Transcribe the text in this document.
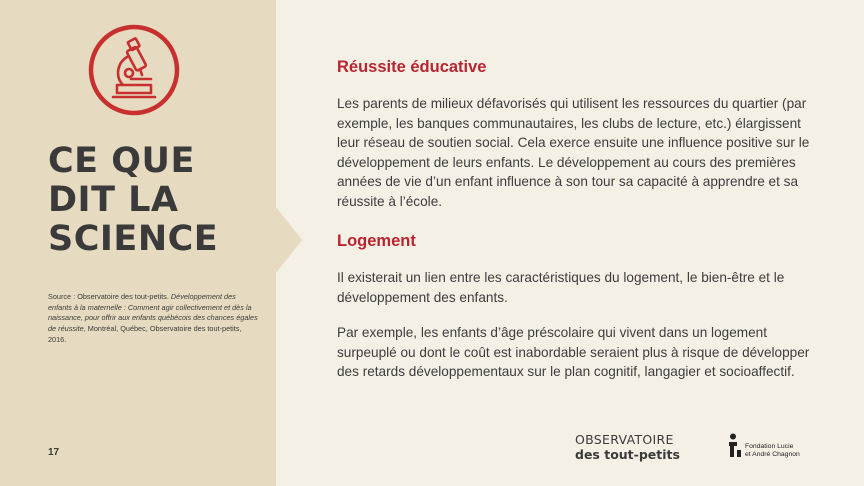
CE QUE
DIT LA
SCIENCE
Source : Observatoire des tout-petits. Développement des enfants à la maternelle : Comment agir collectivement et dès la naissance, pour offrir aux enfants québécois des chances égales de réussite, Montréal, Québec, Observatoire des tout-petits, 2016.
17
Réussite éducative

Les parents de milieux défavorisés qui utilisent les ressources du quartier (par exemple, les banques communautaires, les clubs de lecture, etc.) élargissent leur réseau de soutien social. Cela exerce ensuite une influence positive sur le développement de leurs enfants. Le développement au cours des premières années de vie d’un enfant influence à son tour sa capacité à apprendre et sa réussite à l’école.

Logement

Il existerait un lien entre les caractéristiques du logement, le bien-être et le développement des enfants.

Par exemple, les enfants d’âge préscolaire qui vivent dans un logement surpeuplé ou dont le coût est inabordable seraient plus à risque de développer des retards développementaux sur le plan cognitif, langagier et socioaffectif.

OBSERVATOIRE
des tout-petits
Fondation Lucie
et André Chagnon
